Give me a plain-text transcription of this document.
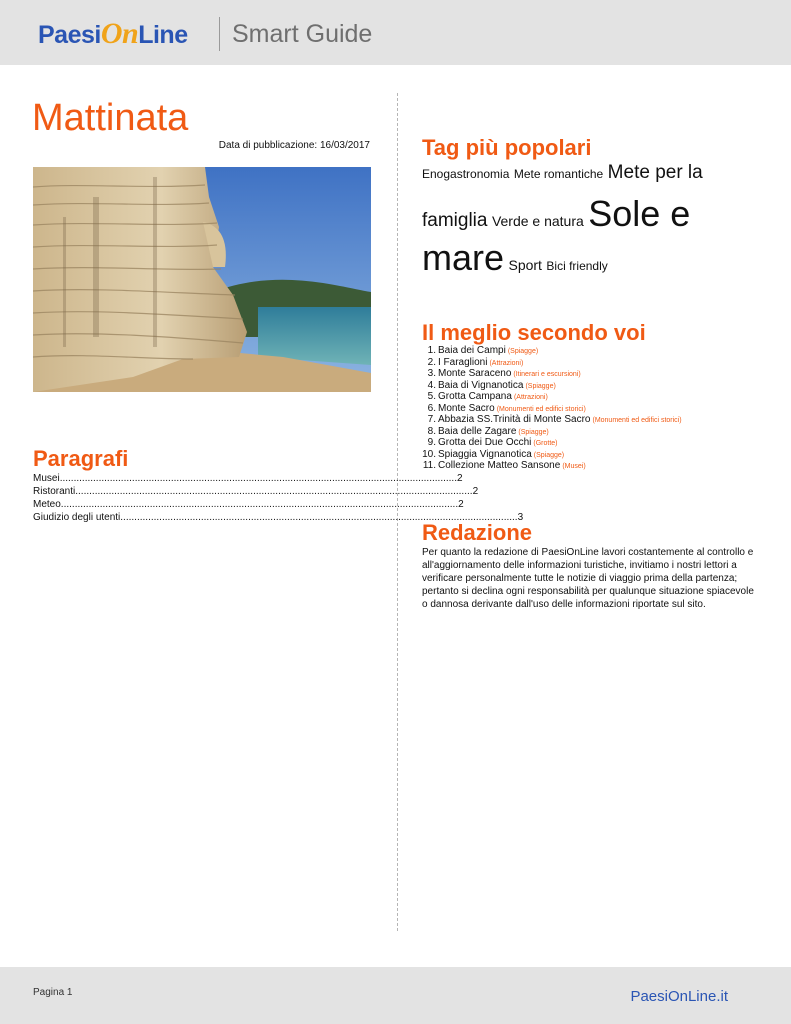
PaesiOnLine Smart Guide
Mattinata
Data di pubblicazione: 16/03/2017
Paragrafi
Musei ............................................................................................................................................... 2
Ristoranti ............................................................................................................................................... 2
Meteo ............................................................................................................................................... 2
Giudizio degli utenti ............................................................................................................................................... 3
Tag più popolari
Enogastronomia Mete romantiche Mete per la
famiglia Verde e natura Sole e
mare Sport Bici friendly
Il meglio secondo voi
1. Baia dei Campi (Spiagge)
2. I Faraglioni (Attrazioni)
3. Monte Saraceno (Itinerari e escursioni)
4. Baia di Vignanotica (Spiagge)
5. Grotta Campana (Attrazioni)
6. Monte Sacro (Monumenti ed edifici storici)
7. Abbazia SS.Trinità di Monte Sacro (Monumenti ed edifici storici)
8. Baia delle Zagare (Spiagge)
9. Grotta dei Due Occhi (Grotte)
10. Spiaggia Vignanotica (Spiagge)
11. Collezione Matteo Sansone (Musei)
Redazione
Per quanto la redazione di PaesiOnLine lavori costantemente al controllo e all'aggiornamento delle informazioni turistiche, invitiamo i nostri lettori a verificare personalmente tutte le notizie di viaggio prima della partenza; pertanto si declina ogni responsabilità per qualunque situazione spiacevole o dannosa derivante dall'uso delle informazioni riportate sul sito.
Pagina 1	PaesiOnLine.it
